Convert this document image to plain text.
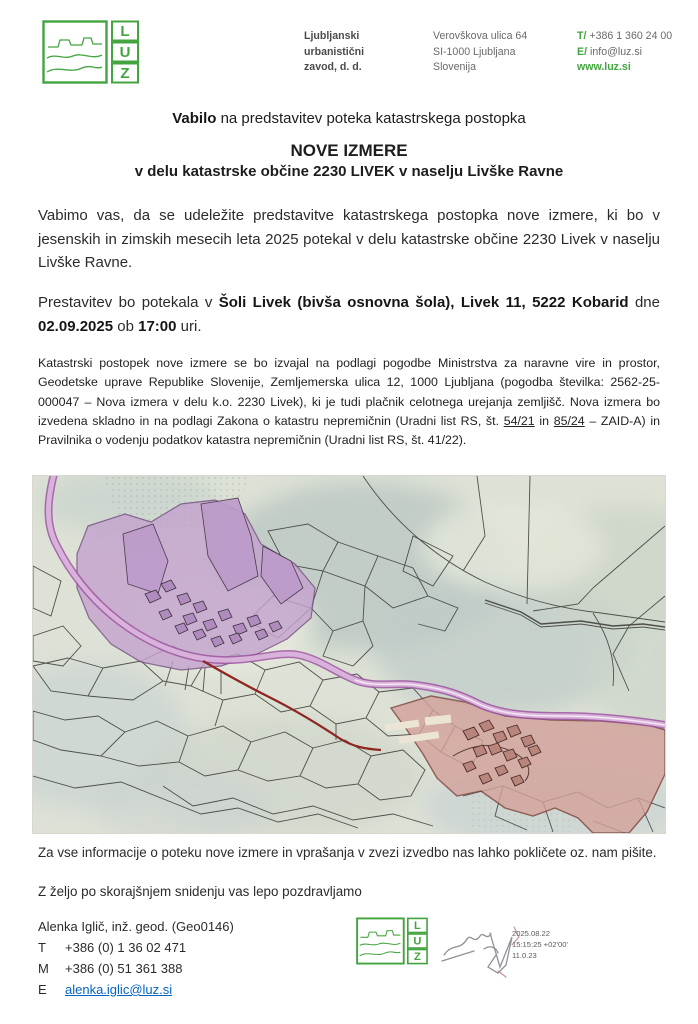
L
U
Z
Ljubljanski
urbanistični
zavod, d. d.
Verovškova ulica 64
SI-1000 Ljubljana
Slovenija
T/ +386 1 360 24 00
E/ info@luz.si
www.luz.si
Vabilo na predstavitev poteka katastrskega postopka
NOVE IZMERE
v delu katastrske občine 2230 LIVEK v naselju Livške Ravne
Vabimo vas, da se udeležite predstavitve katastrskega postopka nove izmere, ki bo v jesenskih in zimskih mesecih leta 2025 potekal v delu katastrske občine 2230 Livek v naselju Livške Ravne.
Prestavitev bo potekala v Šoli Livek (bivša osnovna šola), Livek 11, 5222 Kobarid dne 02.09.2025 ob 17:00 uri.
Katastrski postopek nove izmere se bo izvajal na podlagi pogodbe Ministrstva za naravne vire in prostor, Geodetske uprave Republike Slovenije, Zemljemerska ulica 12, 1000 Ljubljana (pogodba številka: 2562-25-000047 – Nova izmera v delu k.o. 2230 Livek), ki je tudi plačnik celotnega urejanja zemljišč. Nova izmera bo izvedena skladno in na podlagi Zakona o katastru nepremičnin (Uradni list RS, št. 54/21 in 85/24 – ZAID-A) in Pravilnika o vodenju podatkov katastra nepremičnin (Uradni list RS, št. 41/22).
Za vse informacije o poteku nove izmere in vprašanja v zvezi izvedbo nas lahko pokličete oz. nam pišite.
Z željo po skorajšnjem snidenju vas lepo pozdravljamo
Alenka Iglič, inž. geod. (Geo0146)
T +386 (0) 1 36 02 471
M +386 (0) 51 361 388
E alenka.iglic@luz.si
L
U
Z
2025.08.22
15:15:25 +02'00'
11.0.23
